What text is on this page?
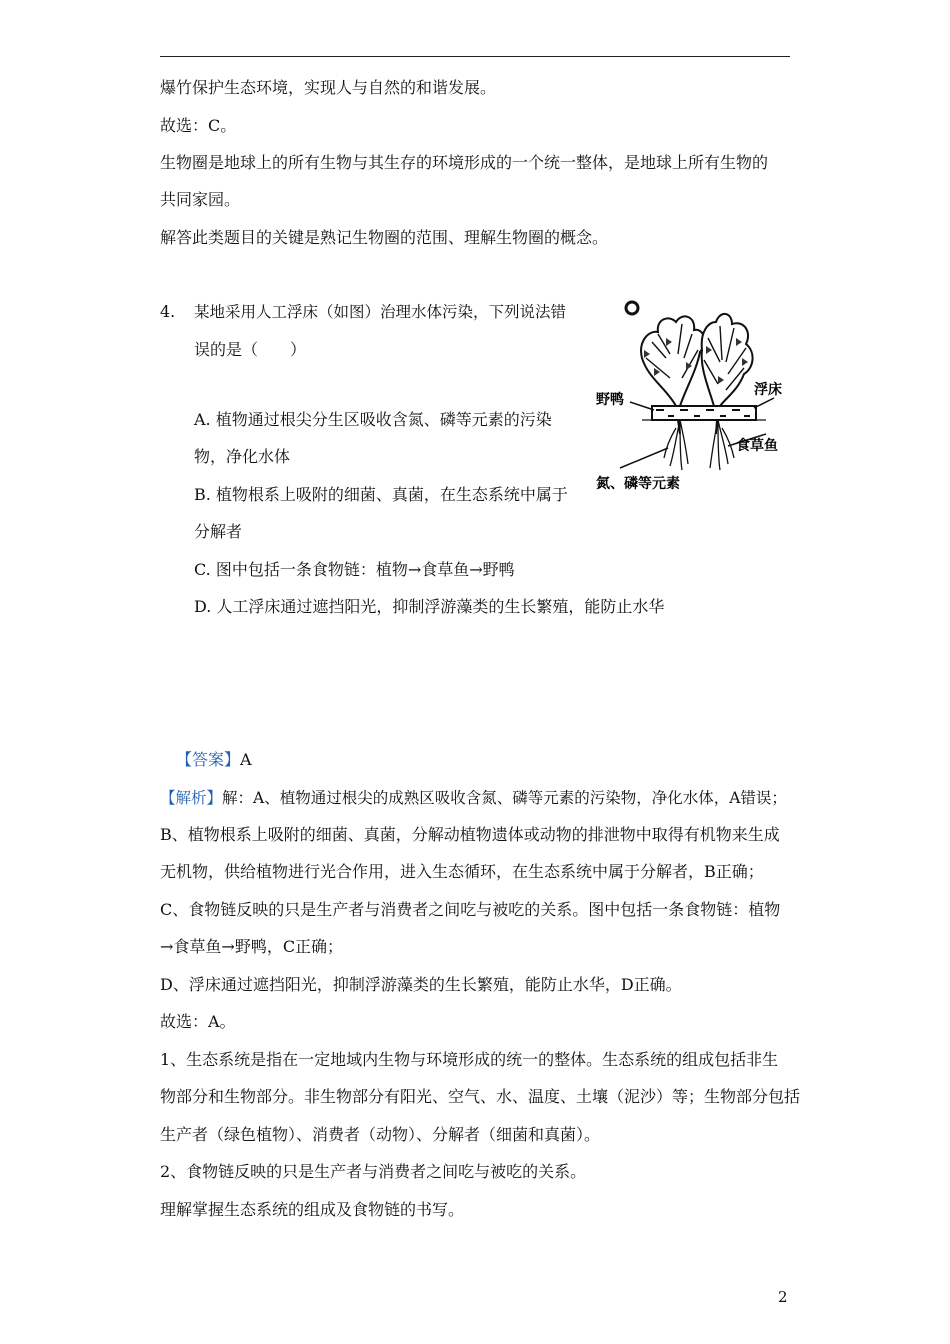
爆竹保护生态环境，实现人与自然的和谐发展。
故选：C。
生物圈是地球上的所有生物与其生存的环境形成的一个统一整体，是地球上所有生物的
共同家园。
解答此类题目的关键是熟记生物圈的范围、理解生物圈的概念。
4. 某地采用人工浮床（如图）治理水体污染，下列说法错
误的是（　　）
A. 植物通过根尖分生区吸收含氮、磷等元素的污染
物，净化水体
B. 植物根系上吸附的细菌、真菌，在生态系统中属于
分解者
C. 图中包括一条食物链：植物→食草鱼→野鸭
D. 人工浮床通过遮挡阳光，抑制浮游藻类的生长繁殖，能防止水华
野鸭
浮床
食草鱼
氮、磷等元素
【答案】A
【解析】解：A、植物通过根尖的成熟区吸收含氮、磷等元素的污染物，净化水体，A错误；
B、植物根系上吸附的细菌、真菌，分解动植物遗体或动物的排泄物中取得有机物来生成
无机物，供给植物进行光合作用，进入生态循环，在生态系统中属于分解者，B正确；
C、食物链反映的只是生产者与消费者之间吃与被吃的关系。图中包括一条食物链：植物
→食草鱼→野鸭，C正确；
D、浮床通过遮挡阳光，抑制浮游藻类的生长繁殖，能防止水华，D正确。
故选：A。
1、生态系统是指在一定地域内生物与环境形成的统一的整体。生态系统的组成包括非生
物部分和生物部分。非生物部分有阳光、空气、水、温度、土壤（泥沙）等；生物部分包括
生产者（绿色植物）、消费者（动物）、分解者（细菌和真菌）。
2、食物链反映的只是生产者与消费者之间吃与被吃的关系。
理解掌握生态系统的组成及食物链的书写。
2
